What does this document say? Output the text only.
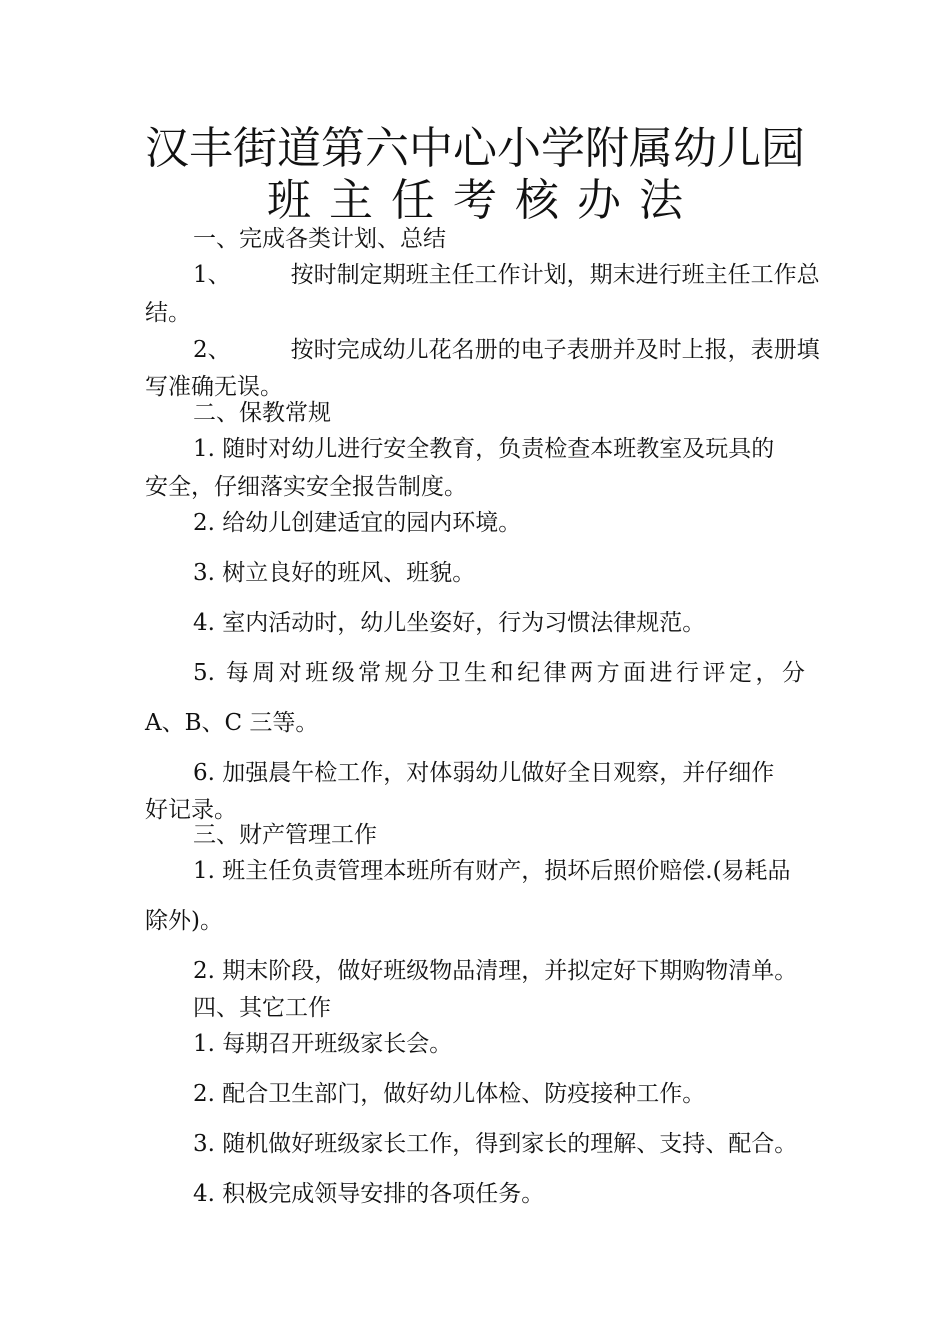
汉丰街道第六中心小学附属幼儿园
班主任考核办法
一、完成各类计划、总结
1、	按时制定期班主任工作计划，期末进行班主任工作总
结。
2、	按时完成幼儿花名册的电子表册并及时上报，表册填
写准确无误。
二、保教常规
1. 随时对幼儿进行安全教育，负责检查本班教室及玩具的
安全，仔细落实安全报告制度。
2. 给幼儿创建适宜的园内环境。
3. 树立良好的班风、班貌。
4. 室内活动时，幼儿坐姿好，行为习惯法律规范。
5. 每周对班级常规分卫生和纪律两方面进行评定，分
A、B、C 三等。
6. 加强晨午检工作，对体弱幼儿做好全日观察，并仔细作
好记录。
三、财产管理工作
1. 班主任负责管理本班所有财产，损坏后照价赔偿.(易耗品
除外)。
2. 期末阶段，做好班级物品清理，并拟定好下期购物清单。
四、其它工作
1. 每期召开班级家长会。
2. 配合卫生部门，做好幼儿体检、防疫接种工作。
3. 随机做好班级家长工作，得到家长的理解、支持、配合。
4. 积极完成领导安排的各项任务。
